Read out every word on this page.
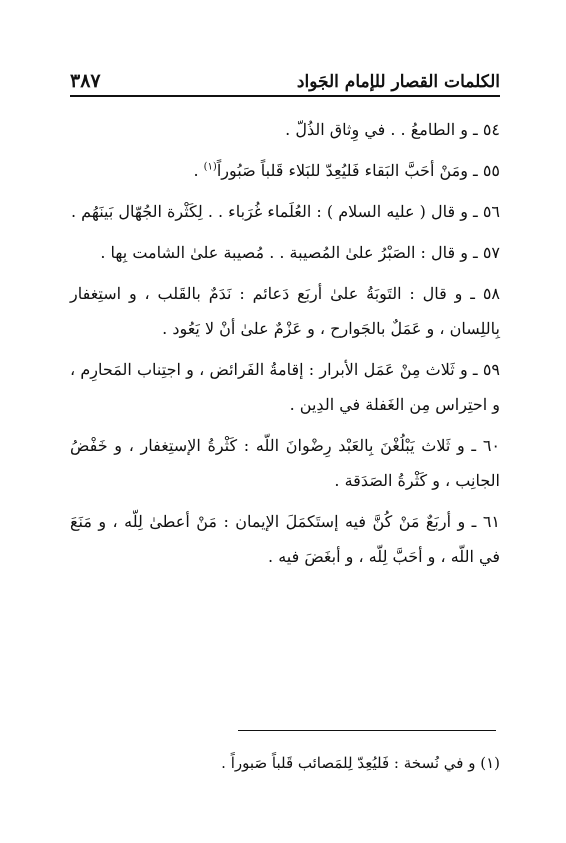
الكلمات القصار للإمام الجَواد
٣٨٧

٥٤ ـ و الطامعُ . . في وِثاق الذُلّ .

٥٥ ـ ومَنْ أحَبَّ البَقاء فَليُعِدّ للبَلاء قَلباً صَبُوراً$^{(١)}$ .

٥٦ ـ و قال ( عليه السلام ) : العُلَماء غُرَباء . . لِكَثْرة الجُهّال بَينَهُم .

٥٧ ـ و قال : الصَبْرُ علىٰ المُصيبة . . مُصيبة علىٰ الشامت بِها .

٥٨ ـ و قال : التَوبَةُ علىٰ أربَع دَعائم : نَدَمٌ بالقَلب ، و استِغفار بِاللِسان ، و عَمَلٌ بالجَوارح ، و عَزْمٌ علىٰ أنْ لا يَعُود .

٥٩ ـ و ثَلاث مِنْ عَمَل الأبرار : إقامةُ الفَرائض ، و اجتِناب المَحارِم ، و احتِراس مِن الغَفلة في الدِين .

٦٠ ـ و ثَلاث يَبْلُغْنَ بِالعَبْد رِضْوانَ اللّه : كَثْرةُ الإستِغفار ، و خَفْضُ الجانِب ، و كَثْرةُ الصَدَقة .

٦١ ـ و أربَعٌ مَنْ كُنَّ فيه إستَكمَلَ الإيمان : مَنْ أعطىٰ لِلّه ، و مَنَعَ في اللّه ، و أحَبَّ لِلّه ، و أبغَضَ فيه .

(١) و في نُسخة : فَليُعِدّ لِلمَصائب قَلباً صَبوراً .
